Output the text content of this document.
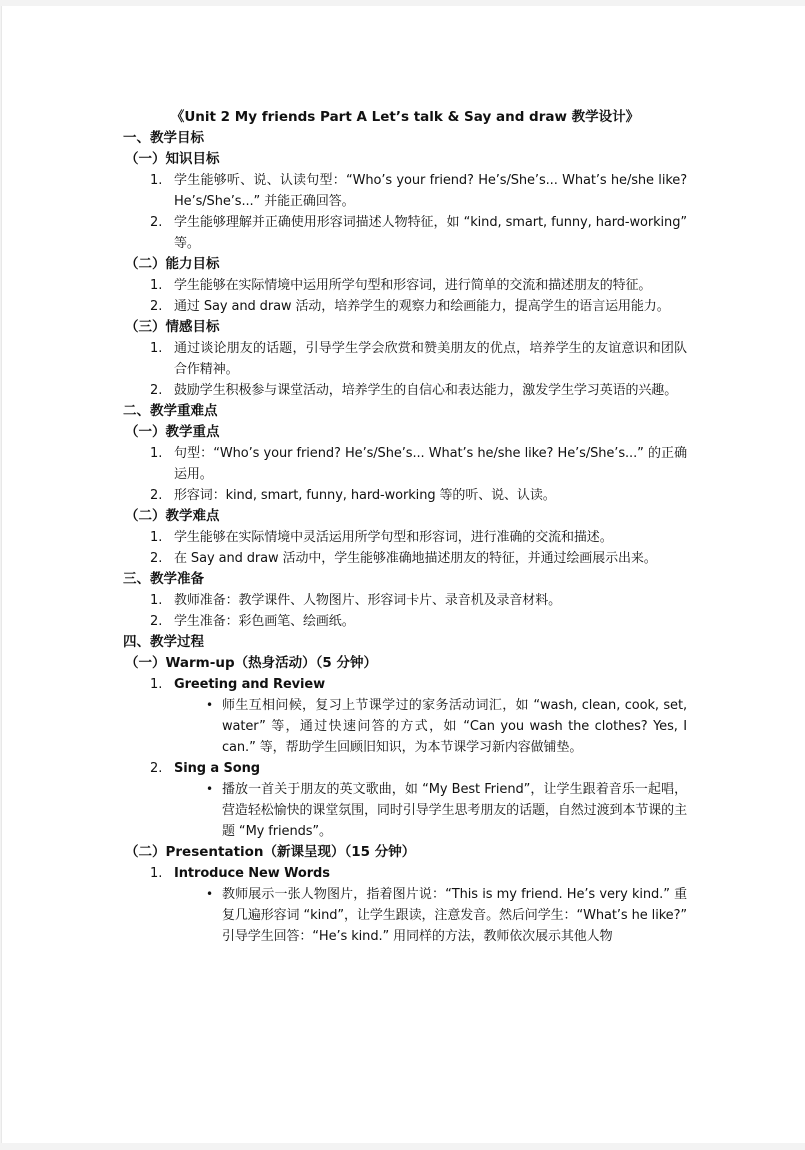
《Unit 2 My friends Part A Let’s talk & Say and draw 教学设计》
一、教学目标
（一）知识目标
1. 学生能够听、说、认读句型：“Who’s your friend? He’s/She’s... What’s he/she like? He’s/She’s...” 并能正确回答。
2. 学生能够理解并正确使用形容词描述人物特征，如 “kind, smart, funny, hard-working” 等。
（二）能力目标
1. 学生能够在实际情境中运用所学句型和形容词，进行简单的交流和描述朋友的特征。
2. 通过 Say and draw 活动，培养学生的观察力和绘画能力，提高学生的语言运用能力。
（三）情感目标
1. 通过谈论朋友的话题，引导学生学会欣赏和赞美朋友的优点，培养学生的友谊意识和团队合作精神。
2. 鼓励学生积极参与课堂活动，培养学生的自信心和表达能力，激发学生学习英语的兴趣。
二、教学重难点
（一）教学重点
1. 句型：“Who’s your friend? He’s/She’s... What’s he/she like? He’s/She’s...” 的正确运用。
2. 形容词：kind, smart, funny, hard-working 等的听、说、认读。
（二）教学难点
1. 学生能够在实际情境中灵活运用所学句型和形容词，进行准确的交流和描述。
2. 在 Say and draw 活动中，学生能够准确地描述朋友的特征，并通过绘画展示出来。
三、教学准备
1. 教师准备：教学课件、人物图片、形容词卡片、录音机及录音材料。
2. 学生准备：彩色画笔、绘画纸。
四、教学过程
（一）Warm-up（热身活动）（5 分钟）
1. Greeting and Review
• 师生互相问候，复习上节课学过的家务活动词汇，如 “wash, clean, cook, set, water” 等，通过快速问答的方式，如 “Can you wash the clothes? Yes, I can.” 等，帮助学生回顾旧知识，为本节课学习新内容做铺垫。
2. Sing a Song
• 播放一首关于朋友的英文歌曲，如 “My Best Friend”，让学生跟着音乐一起唱，营造轻松愉快的课堂氛围，同时引导学生思考朋友的话题，自然过渡到本节课的主题 “My friends”。
（二）Presentation（新课呈现）（15 分钟）
1. Introduce New Words
• 教师展示一张人物图片，指着图片说：“This is my friend. He’s very kind.” 重复几遍形容词 “kind”，让学生跟读，注意发音。然后问学生：“What’s he like?” 引导学生回答：“He’s kind.” 用同样的方法，教师依次展示其他人物
